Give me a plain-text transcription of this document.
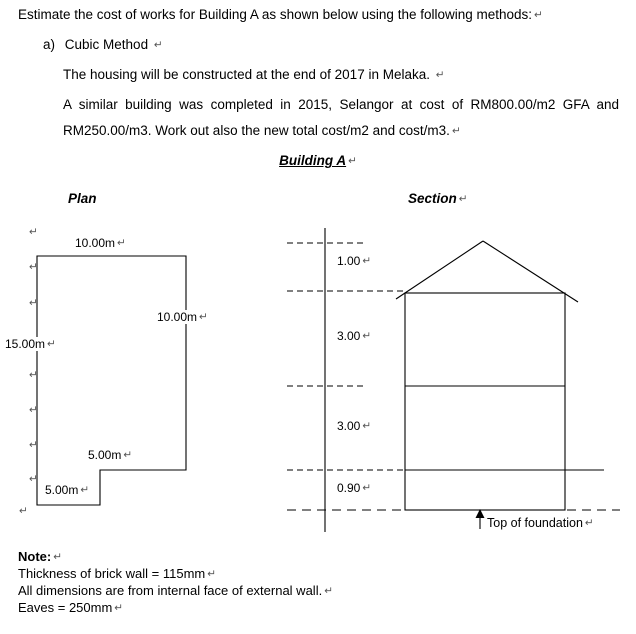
Estimate the cost of works for Building A as shown below using the following methods: ↵
a) Cubic Method ↵
The housing will be constructed at the end of 2017 in Melaka. ↵
A similar building was completed in 2015, Selangor at cost of RM800.00/m2 GFA and RM250.00/m3. Work out also the new total cost/m2 and cost/m3. ↵
Building A ↵
Plan	Section ↵
↵
↵
↵
↵
↵
↵
↵
↵
10.00m ↵
10.00m ↵
15.00m ↵
5.00m ↵
5.00m ↵
1.00 ↵
3.00 ↵
3.00 ↵
0.90 ↵
Top of foundation ↵
Note: ↵
Thickness of brick wall = 115mm ↵
All dimensions are from internal face of external wall. ↵
Eaves = 250mm ↵
